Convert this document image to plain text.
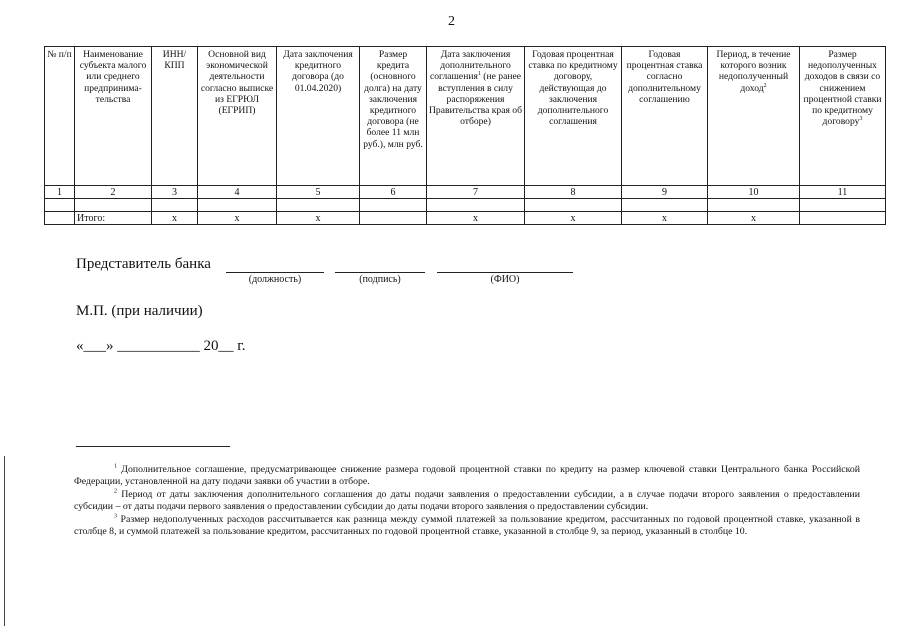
2
№ п/п	Наименование субъекта малого или среднего предпринима-тельства	ИНН/ КПП	Основной вид экономической деятельности согласно выписке из ЕГРЮЛ (ЕГРИП)	Дата заключения кредитного договора (до 01.04.2020)	Размер кредита (основного долга) на дату заключения кредитного договора (не более 11 млн руб.), млн руб.	Дата заключения дополнительного соглашения$^1$ (не ранее вступления в силу распоряжения Правительства края об отборе)	Годовая процентная ставка по кредитному договору, действующая до заключения дополнительного соглашения	Годовая процентная ставка согласно дополнительному соглашению	Период, в течение которого возник недополученный доход$^2$	Размер недополученных доходов в связи со снижением процентной ставки по кредитному договору$^3$
1	2	3	4	5	6	7	8	9	10	11

	Итого:	х	х	х		х	х	х	х	
Представитель банка
(должность)	(подпись)	(ФИО)
М.П. (при наличии)
«___» ___________ 20__ г.

$^1$ Дополнительное соглашение, предусматривающее снижение размера годовой процентной ставки по кредиту на размер ключевой ставки Центрального банка Российской Федерации, установленной на дату подачи заявки об участии в отборе.

$^2$ Период от даты заключения дополнительного соглашения до даты подачи заявления о предоставлении субсидии, а в случае подачи второго заявления о предоставлении субсидии – от даты подачи первого заявления о предоставлении субсидии до даты подачи второго заявления о предоставлении субсидии.

$^3$ Размер недополученных расходов рассчитывается как разница между суммой платежей за пользование кредитом, рассчитанных по годовой процентной ставке, указанной в столбце 8, и суммой платежей за пользование кредитом, рассчитанных по годовой процентной ставке, указанной в столбце 9, за период, указанный в столбце 10.
